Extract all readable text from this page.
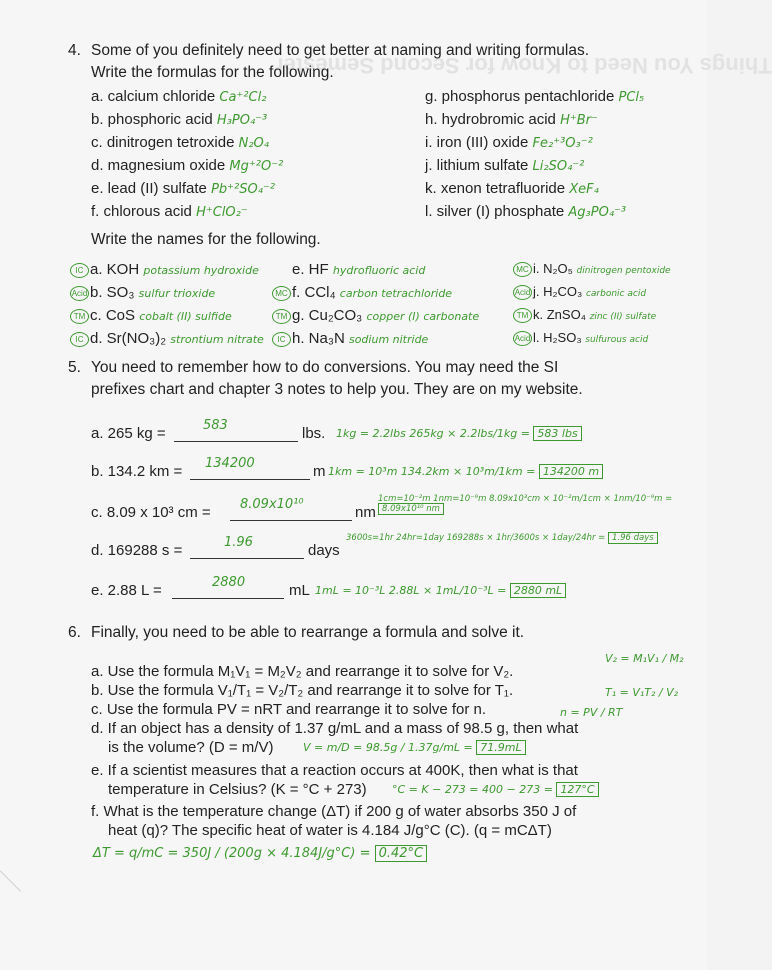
Things You Need to Know for Second Semester
4. Some of you definitely need to get better at naming and writing formulas.
Write the formulas for the following.
a. calcium chloride Ca⁺²Cl₂
b. phosphoric acid H₃PO₄⁻³
c. dinitrogen tetroxide N₂O₄
d. magnesium oxide Mg⁺²O⁻²
e. lead (II) sulfate Pb⁺²SO₄⁻²
f. chlorous acid H⁺ClO₂⁻
g. phosphorus pentachloride PCl₅
h. hydrobromic acid H⁺Br⁻
i. iron (III) oxide Fe₂⁺³O₃⁻²
j. lithium sulfate Li₂SO₄⁻²
k. xenon tetrafluoride XeF₄
l. silver (I) phosphate Ag₃PO₄⁻³
Write the names for the following.
IC a. KOH potassium hydroxide
Acid b. SO₃ sulfur trioxide
TM c. CoS cobalt (II) sulfide
IC d. Sr(NO₃)₂ strontium nitrate
e. HF hydrofluoric acid
MC f. CCl₄ carbon tetrachloride
TM g. Cu₂CO₃ copper (I) carbonate
IC h. Na₃N sodium nitride
MC i. N₂O₅ dinitrogen pentoxide
Acid j. H₂CO₃ carbonic acid
TM k. ZnSO₄ zinc (II) sulfate
Acid l. H₂SO₃ sulfurous acid
5. You need to remember how to do conversions. You may need the SI
prefixes chart and chapter 3 notes to help you. They are on my website.
a. 265 kg =	583	lbs. 1kg = 2.2lbs 265kg × 2.2lbs/1kg = 583 lbs
b. 134.2 km = 134200	m 1km = 10³m 134.2km × 10³m/1km = 134200 m
c. 8.09 x 10³ cm = 8.09x10¹⁰	nm
1cm=10⁻²m 1nm=10⁻⁹m 8.09x10³cm × 10⁻²m/1cm × 1nm/10⁻⁹m = 8.09x10¹⁰ nm
d. 169288 s =	1.96	days
3600s=1hr 24hr=1day 169288s × 1hr/3600s × 1day/24hr = 1.96 days
e. 2.88 L =	2880	mL 1mL = 10⁻³L 2.88L × 1mL/10⁻³L = 2880 mL
6. Finally, you need to be able to rearrange a formula and solve it.
a. Use the formula M₁V₁ = M₂V₂ and rearrange it to solve for V₂.
V₂ = M₁V₁ / M₂
b. Use the formula V₁/T₁ = V₂/T₂ and rearrange it to solve for T₁.	T₁ = V₁T₂ / V₂
c. Use the formula PV = nRT and rearrange it to solve for n.	n = PV / RT
d. If an object has a density of 1.37 g/mL and a mass of 98.5 g, then what
is the volume? (D = m/V)	V = m/D = 98.5g / 1.37g/mL = 71.9mL
e. If a scientist measures that a reaction occurs at 400K, then what is that
temperature in Celsius? (K = °C + 273) °C = K − 273 = 400 − 273 = 127°C
f. What is the temperature change (ΔT) if 200 g of water absorbs 350 J of
heat (q)? The specific heat of water is 4.184 J/g°C (C). (q = mCΔT)
ΔT = q/mC = 350J / (200g × 4.184J/g°C) = 0.42°C
